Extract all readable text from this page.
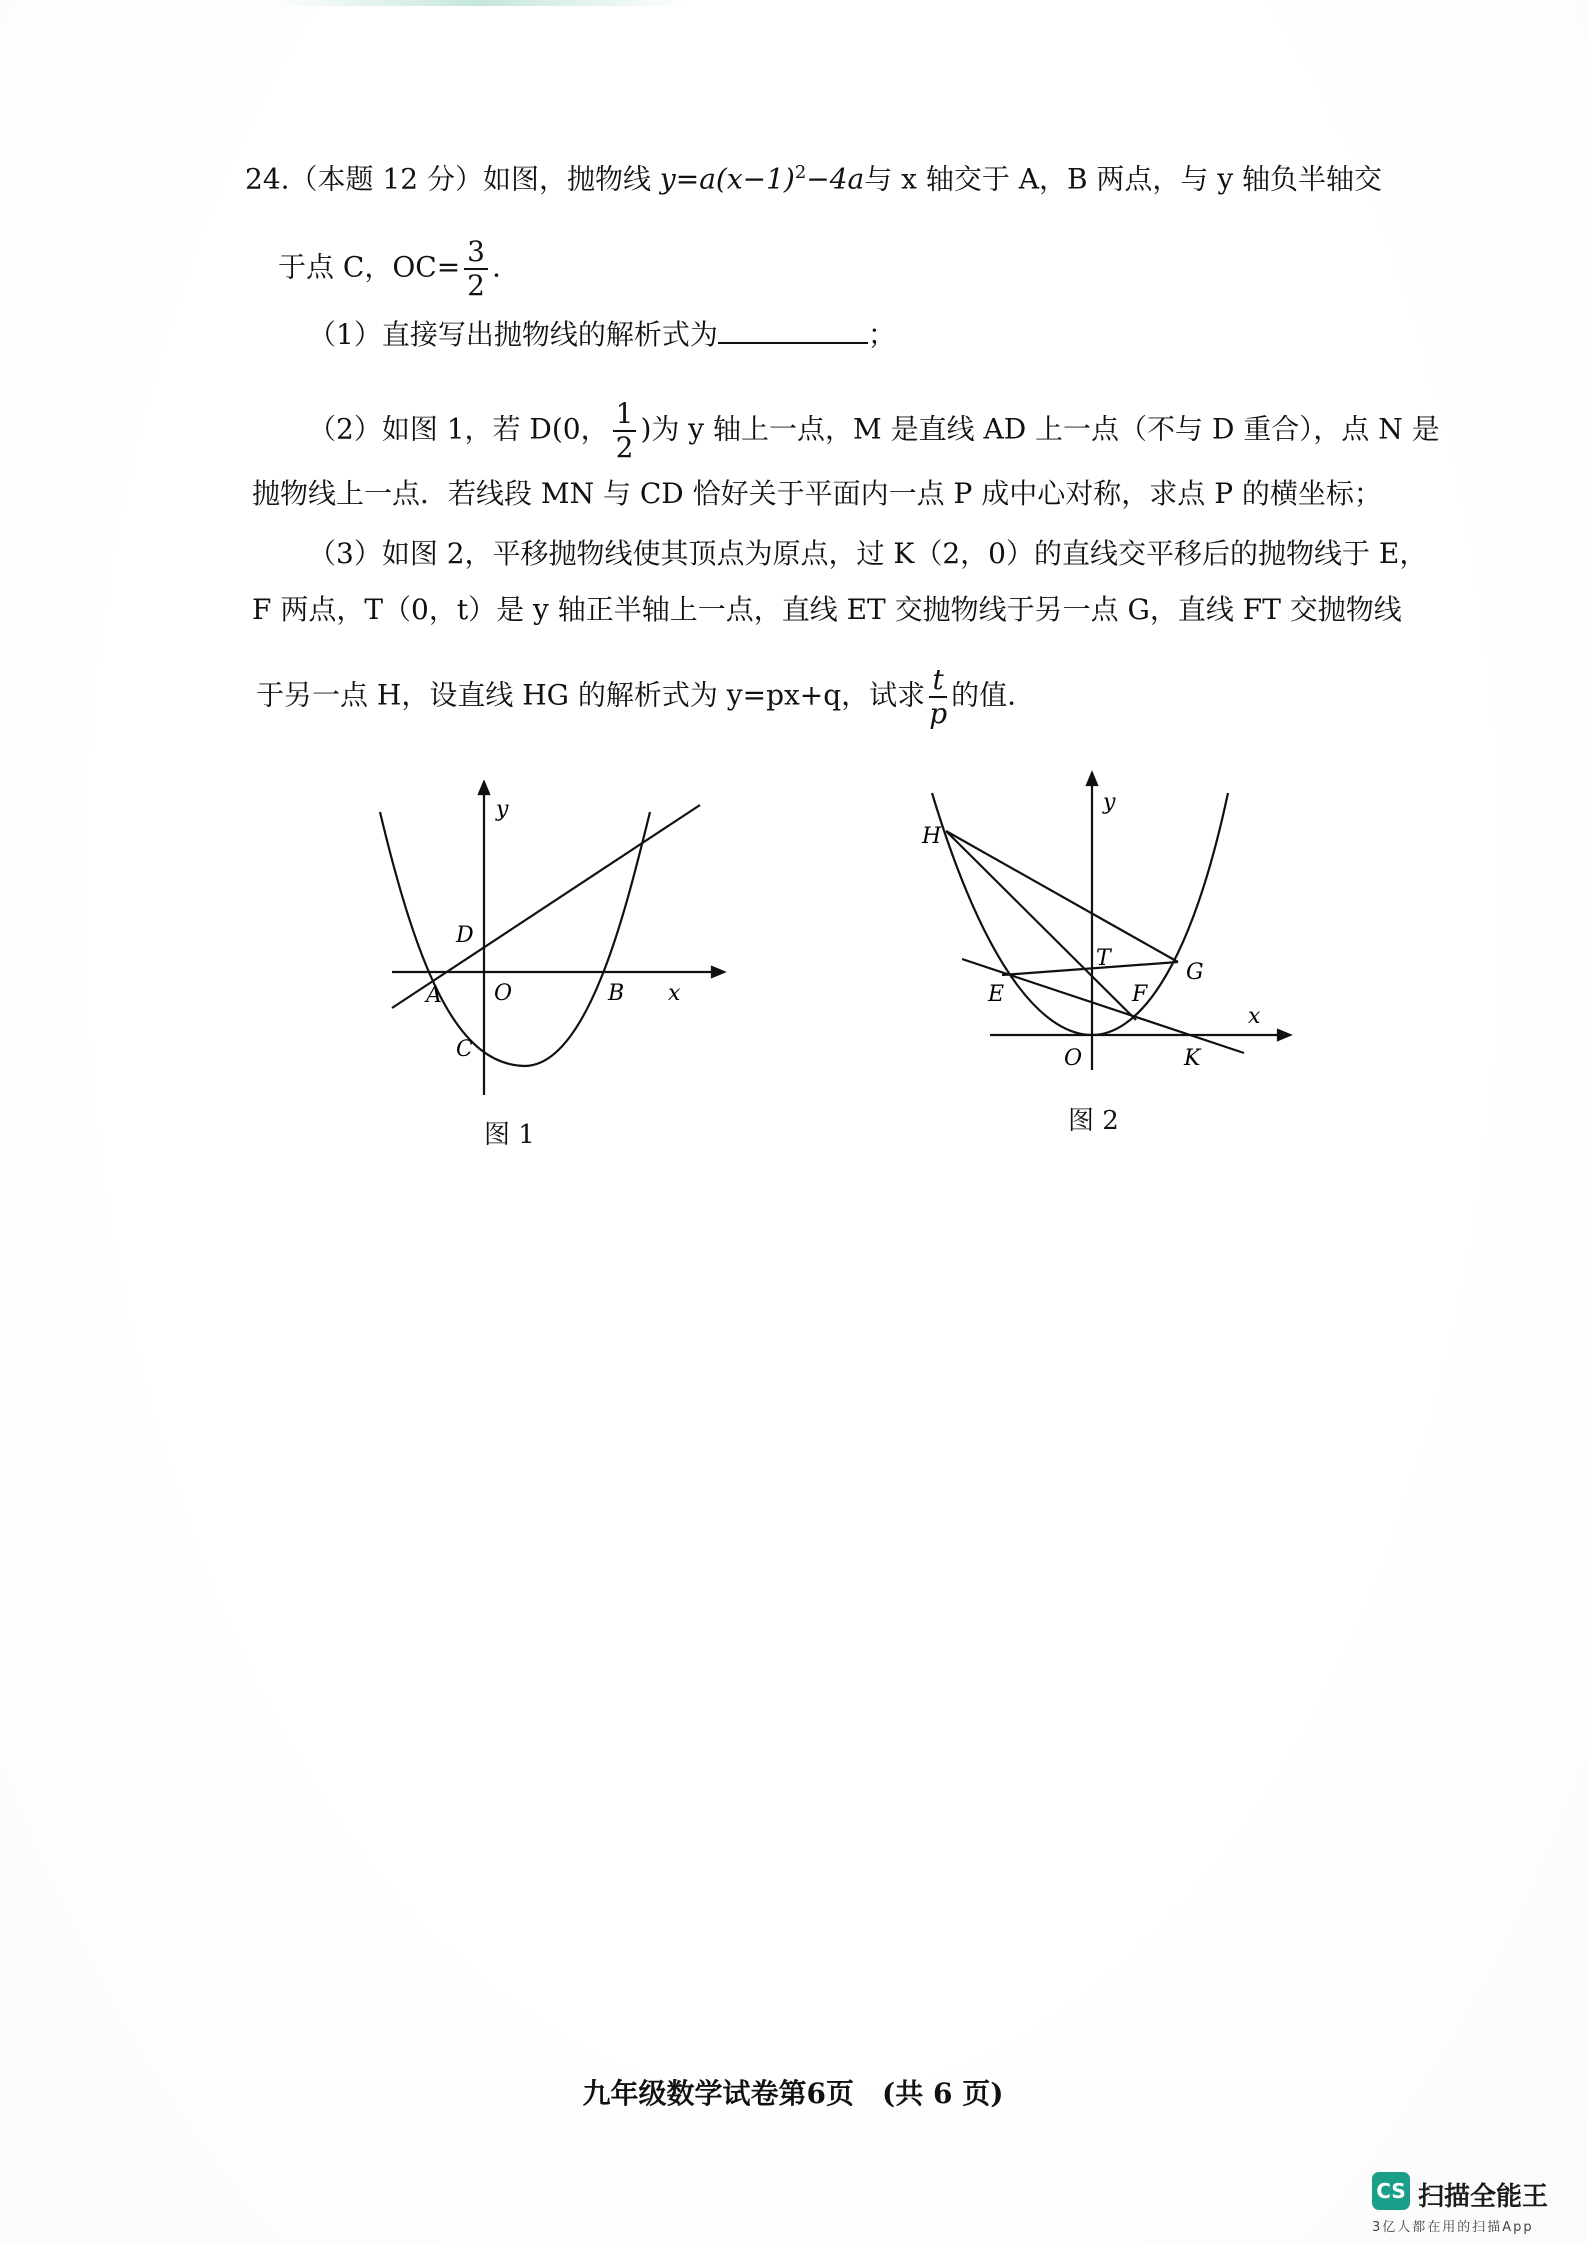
24.（本题 12 分）如图，抛物线 $y=a(x-1)^2-4a$与 x 轴交于 A，B 两点，与 y 轴负半轴交
于点 C，$OC= \frac{3}{2}$ .
（1）直接写出抛物线的解析式为	；
（2）如图 1，若 D(0， $\frac{1}{2}$ )为 y 轴上一点，M 是直线 AD 上一点（不与 D 重合），点 N 是
抛物线上一点．若线段 MN 与 CD 恰好关于平面内一点 P 成中心对称，求点 P 的横坐标；
（3）如图 2，平移抛物线使其顶点为原点，过 K（2，0）的直线交平移后的抛物线于 E，
F 两点，T（0，t）是 y 轴正半轴上一点，直线 ET 交抛物线于另一点 G，直线 FT 交抛物线
于另一点 H，设直线 HG 的解析式为 y=px+q，试求 $\frac{t}{p}$ 的值.
y
D
A O	B x
C
图 1
y
H
T
G
E	F
x
O	K
图 2
九年级数学试卷第6页　(共 6 页)
CS 扫描全能王
3亿人都在用的扫描App
